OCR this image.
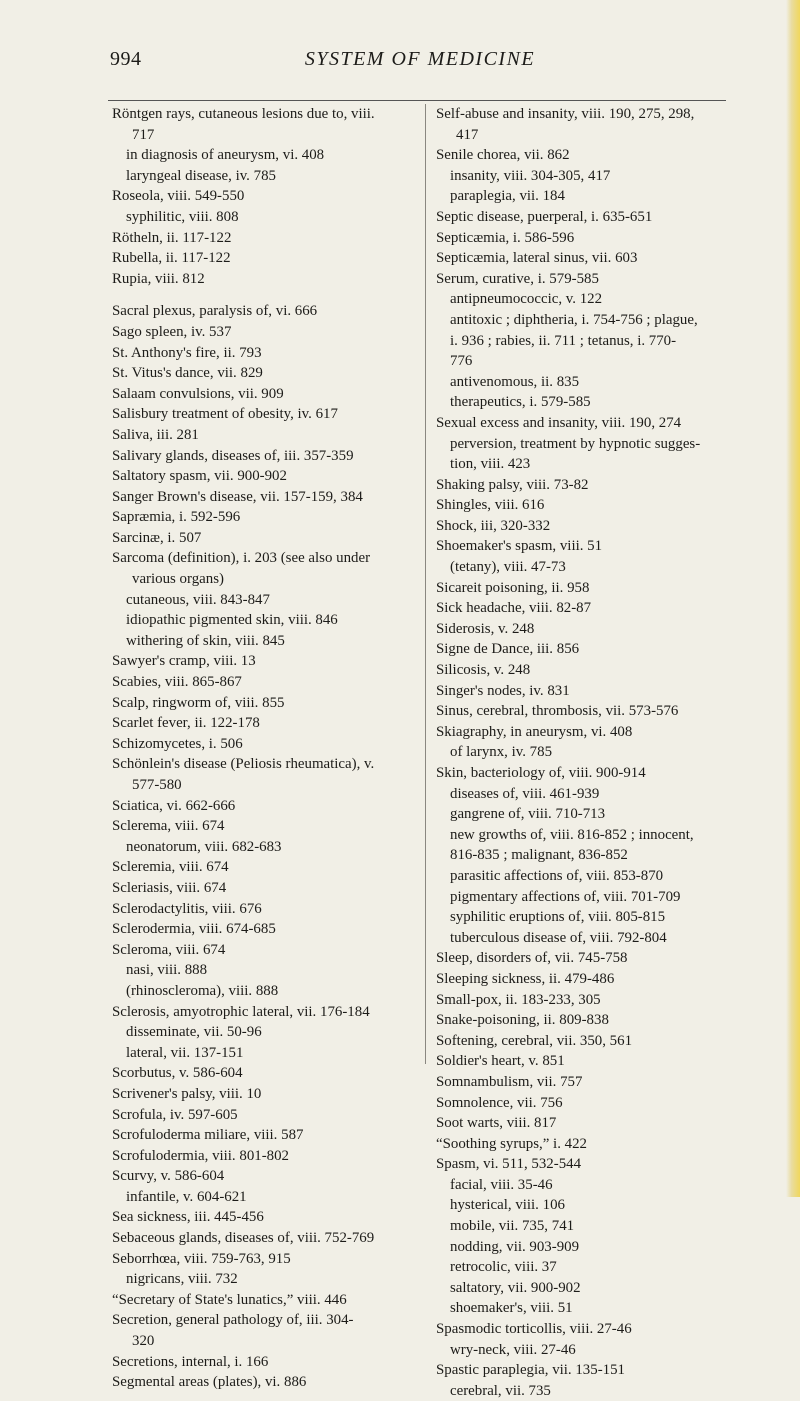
994	SYSTEM OF MEDICINE
Röntgen rays, cutaneous lesions due to, viii.
717
in diagnosis of aneurysm, vi. 408
laryngeal disease, iv. 785
Roseola, viii. 549-550
syphilitic, viii. 808
Rötheln, ii. 117-122
Rubella, ii. 117-122
Rupia, viii. 812
Sacral plexus, paralysis of, vi. 666
Sago spleen, iv. 537
St. Anthony's fire, ii. 793
St. Vitus's dance, vii. 829
Salaam convulsions, vii. 909
Salisbury treatment of obesity, iv. 617
Saliva, iii. 281
Salivary glands, diseases of, iii. 357-359
Saltatory spasm, vii. 900-902
Sanger Brown's disease, vii. 157-159, 384
Sapræmia, i. 592-596
Sarcinæ, i. 507
Sarcoma (definition), i. 203 (see also under
various organs)
cutaneous, viii. 843-847
idiopathic pigmented skin, viii. 846
withering of skin, viii. 845
Sawyer's cramp, viii. 13
Scabies, viii. 865-867
Scalp, ringworm of, viii. 855
Scarlet fever, ii. 122-178
Schizomycetes, i. 506
Schönlein's disease (Peliosis rheumatica), v.
577-580
Sciatica, vi. 662-666
Sclerema, viii. 674
neonatorum, viii. 682-683
Scleremia, viii. 674
Scleriasis, viii. 674
Sclerodactylitis, viii. 676
Sclerodermia, viii. 674-685
Scleroma, viii. 674
nasi, viii. 888
(rhinoscleroma), viii. 888
Sclerosis, amyotrophic lateral, vii. 176-184
disseminate, vii. 50-96
lateral, vii. 137-151
Scorbutus, v. 586-604
Scrivener's palsy, viii. 10
Scrofula, iv. 597-605
Scrofuloderma miliare, viii. 587
Scrofulodermia, viii. 801-802
Scurvy, v. 586-604
infantile, v. 604-621
Sea sickness, iii. 445-456
Sebaceous glands, diseases of, viii. 752-769
Seborrhœa, viii. 759-763, 915
nigricans, viii. 732
“Secretary of State's lunatics,” viii. 446
Secretion, general pathology of, iii. 304-
320
Secretions, internal, i. 166
Segmental areas (plates), vi. 886
Self-abuse and insanity, viii. 190, 275, 298,
417
Senile chorea, vii. 862
insanity, viii. 304-305, 417
paraplegia, vii. 184
Septic disease, puerperal, i. 635-651
Septicæmia, i. 586-596
Septicæmia, lateral sinus, vii. 603
Serum, curative, i. 579-585
antipneumococcic, v. 122
antitoxic ; diphtheria, i. 754-756 ; plague,
i. 936 ; rabies, ii. 711 ; tetanus, i. 770-
776
antivenomous, ii. 835
therapeutics, i. 579-585
Sexual excess and insanity, viii. 190, 274
perversion, treatment by hypnotic sugges-
tion, viii. 423
Shaking palsy, viii. 73-82
Shingles, viii. 616
Shock, iii, 320-332
Shoemaker's spasm, viii. 51
(tetany), viii. 47-73
Sicareit poisoning, ii. 958
Sick headache, viii. 82-87
Siderosis, v. 248
Signe de Dance, iii. 856
Silicosis, v. 248
Singer's nodes, iv. 831
Sinus, cerebral, thrombosis, vii. 573-576
Skiagraphy, in aneurysm, vi. 408
of larynx, iv. 785
Skin, bacteriology of, viii. 900-914
diseases of, viii. 461-939
gangrene of, viii. 710-713
new growths of, viii. 816-852 ; innocent,
816-835 ; malignant, 836-852
parasitic affections of, viii. 853-870
pigmentary affections of, viii. 701-709
syphilitic eruptions of, viii. 805-815
tuberculous disease of, viii. 792-804
Sleep, disorders of, vii. 745-758
Sleeping sickness, ii. 479-486
Small-pox, ii. 183-233, 305
Snake-poisoning, ii. 809-838
Softening, cerebral, vii. 350, 561
Soldier's heart, v. 851
Somnambulism, vii. 757
Somnolence, vii. 756
Soot warts, viii. 817
“Soothing syrups,” i. 422
Spasm, vi. 511, 532-544
facial, viii. 35-46
hysterical, viii. 106
mobile, vii. 735, 741
nodding, vii. 903-909
retrocolic, viii. 37
saltatory, vii. 900-902
shoemaker's, viii. 51
Spasmodic torticollis, viii. 27-46
wry-neck, viii. 27-46
Spastic paraplegia, vii. 135-151
cerebral, vii. 735
